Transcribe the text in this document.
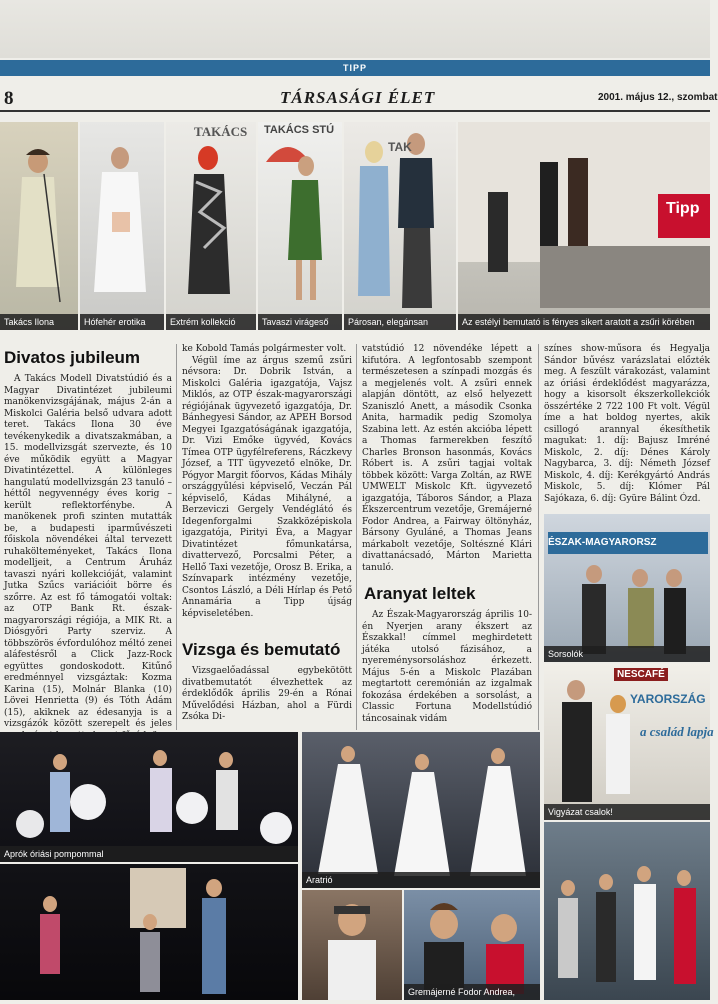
TIPP
8	TÁRSASÁGI ÉLET	2001. május 12., szombat
Takács Ilona	Hófehér erotika
TAKÁCS
Extrém kollekció
TAKÁCS STÚ
Tavaszi virágeső
TAK
Párosan, elegánsan
Tipp
Az estélyi bemutató is fényes sikert aratott a zsűri körében
Divatos jubileum

A Takács Modell Divatstúdió és a Magyar Divatintézet jubileumi manökenvizsgájának, május 2-án a Miskolci Galéria belső udvara adott teret. Takács Ilona 30 éve tevékenykedik a divatszakmában, a 15. modellvizsgát szervezte, és 10 éve működik együtt a Magyar Divatintézettel. A különleges hangulatú modellvizsgán 23 tanuló – héttől negyvennégy éves korig – került reflektorfénybe. A manökenek profi szinten mutatták be, a budapesti iparművészeti főiskola növendékei által tervezett ruhakölteményeket, Takács Ilona modelljeit, a Centrum Áruház tavaszi nyári kollekcióját, valamint Jutka Szűcs variációit börre és szőrre. Az est fő támogatói voltak: az OTP Bank Rt. észak-magyarországi régiója, a MIK Rt. a Diósgyőri Party szerviz. A többszörös évfordulóhoz méltó zenei aláfestésről a Click Jazz-Rock együttes gondoskodott. Kitűnő eredménnyel vizsgáztak: Kozma Karina (15), Molnár Blanka (10) Lövei Henrietta (9) és Tóth Ádám (15), akiknek az édesanyja is a vizsgázók között szerepelt és jeles

ke Kobold Tamás polgármester volt.

Végül íme az árgus szemű zsűri névsora: Dr. Dobrik István, a Miskolci Galéria igazgatója, Vajsz Miklós, az OTP észak-magyarországi régiójának ügyvezető igazgatója, Dr. Bánhegyesi Sándor, az APEH Borsod Megyei Igazgatóságának igazgatója, Dr. Vizi Emőke ügyvéd, Kovács Tímea OTP ügyfélreferens, Ráczkevy József, a TIT ügyvezető elnöke, Dr. Pógyor Margit főorvos, Kádas Mihály országgyűlési képviselő, Veczán Pál képviselő, Kádas Mihályné, a Berzeviczi Gergely Vendéglátó és Idegenforgalmi Szakközépiskola igazgatója, Pirityi Éva, a Magyar Divatintézet főmunkatársa, divattervező, Porcsalmi Péter, a Hellő Taxi vezetője, Orosz B. Erika, a Színvapark intézmény vezetője, Csontos László, a Déli Hírlap és Pető Annamária a Tipp újság képviseletében.

Vizsga és bemutató

Vizsgaelőadással egybekötött divatbemutatót élvezhettek az érdeklődők április 29-én a Rónai Művelődési Házban, ahol a Fürdi Zsóka Di-

vatstúdió 12 növendéke lépett a kifutóra. A legfontosabb szempont természetesen a színpadi mozgás és a megjelenés volt. A zsűri ennek alapján döntött, az első helyezett Szaniszló Anett, a második Csonka Anita, harmadik pedig Szomolya Szabina lett. Az estén akcióba lépett a Thomas farmerekben feszítő Charles Bronson hasonmás, Kovács Róbert is. A zsűri tagjai voltak többek között: Varga Zoltán, az RWE UMWELT Miskolc Kft. ügyvezető igazgatója, Táboros Sándor, a Plaza Ékszercentrum vezetője, Gremájerné Fodor Andrea, a Fairway öltönyház, Bársony Gyuláné, a Thomas Jeans márkabolt vezetője, Soltészné Klári divattanácsadó, Márton Marietta tanuló.

Aranyat leltek

Az Észak-Magyarország április 10-én Nyerjen arany ékszert az Északkal! címmel meghirdetett játéka utolsó fázisához, a nyereménysorsoláshoz érkezett. Május 5-én a Miskolc Plazában megtartott ceremónián az izgalmak fokozása érdekében a sorsolást, a Classic Fortuna Modellstúdió táncosainak vidám

színes show-műsora és Hegyalja Sándor bűvész varázslatai előzték meg. A feszült várakozást, valamint az óriási érdeklődést magyarázza, hogy a kisorsolt ékszerkollekciók összértéke 2 722 100 Ft volt. Végül íme a hat boldog nyertes, akik csillogó arannyal ékesíthetik magukat: 1. díj: Bajusz Imréné Miskolc, 2. díj: Dénes Károly Nagybarca, 3. díj: Németh József Miskolc, 4. díj: Kerékgyártó András Miskolc, 5. díj: Klómer Pál Sajókaza, 6. díj: Gyüre Bálint Ózd.

ÉSZAK-MAGYARORSZ
Sorsolók
NESCAFÉ
YARORSZÁG
a család lapja
Vigyázat csalok!
Aprók óriási pompommal
Aratrió
Gremájerné Fodor Andrea,
